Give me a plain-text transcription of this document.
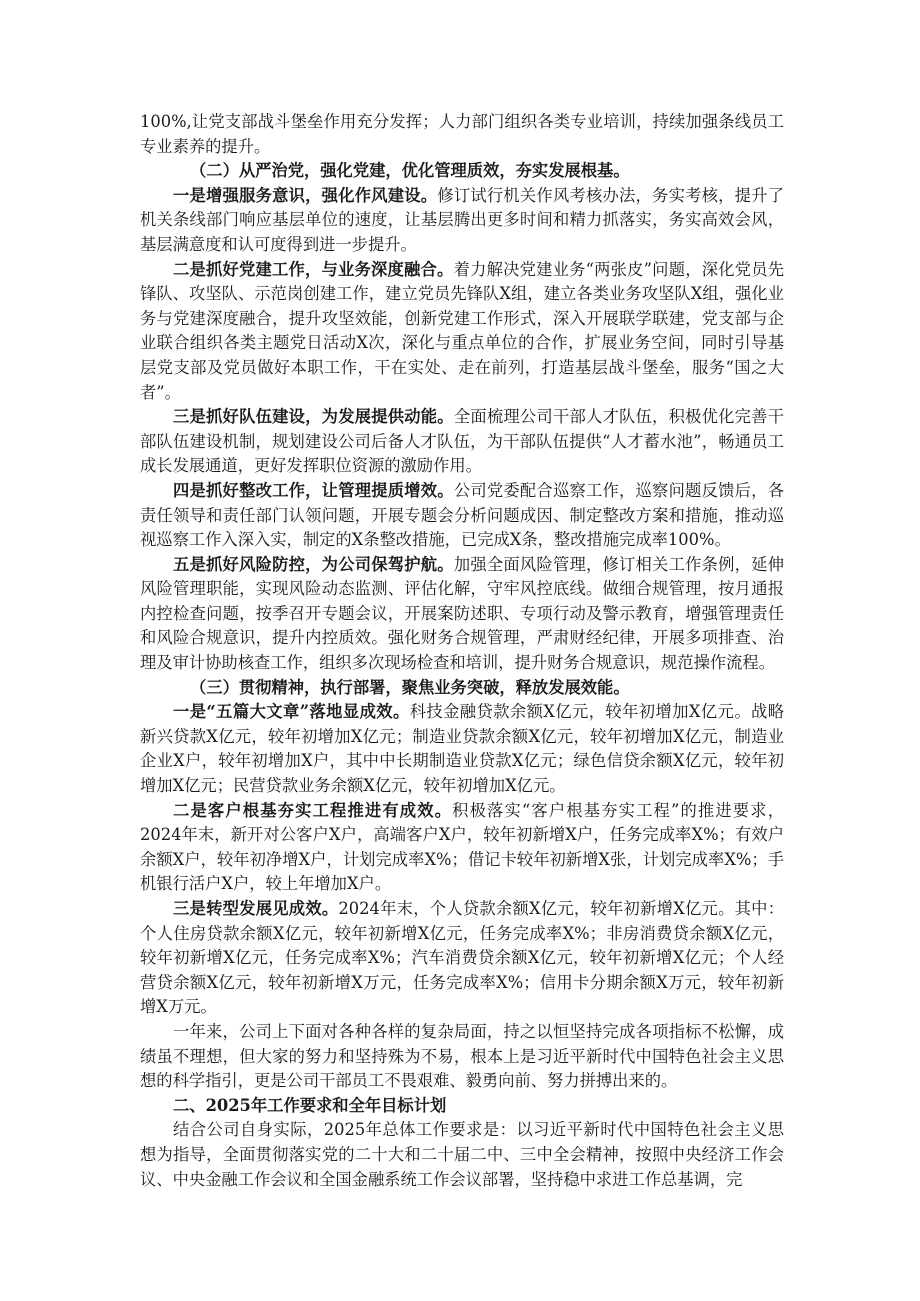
100%,让党支部战斗堡垒作用充分发挥；人力部门组织各类专业培训，持续加强条线员工专业素养的提升。

（二）从严治党，强化党建，优化管理质效，夯实发展根基。

一是增强服务意识，强化作风建设。修订试行机关作风考核办法，务实考核，提升了机关条线部门响应基层单位的速度，让基层腾出更多时间和精力抓落实，务实高效会风，基层满意度和认可度得到进一步提升。

二是抓好党建工作，与业务深度融合。着力解决党建业务“两张皮”问题，深化党员先锋队、攻坚队、示范岗创建工作，建立党员先锋队X组，建立各类业务攻坚队X组，强化业务与党建深度融合，提升攻坚效能，创新党建工作形式，深入开展联学联建，党支部与企业联合组织各类主题党日活动X次，深化与重点单位的合作，扩展业务空间，同时引导基层党支部及党员做好本职工作，干在实处、走在前列，打造基层战斗堡垒，服务“国之大者”。

三是抓好队伍建设，为发展提供动能。全面梳理公司干部人才队伍，积极优化完善干部队伍建设机制，规划建设公司后备人才队伍，为干部队伍提供“人才蓄水池”，畅通员工成长发展通道，更好发挥职位资源的激励作用。

四是抓好整改工作，让管理提质增效。公司党委配合巡察工作，巡察问题反馈后，各责任领导和责任部门认领问题，开展专题会分析问题成因、制定整改方案和措施，推动巡视巡察工作入深入实，制定的X条整改措施，已完成X条，整改措施完成率100%。

五是抓好风险防控，为公司保驾护航。加强全面风险管理，修订相关工作条例，延伸风险管理职能，实现风险动态监测、评估化解，守牢风控底线。做细合规管理，按月通报内控检查问题，按季召开专题会议，开展案防述职、专项行动及警示教育，增强管理责任和风险合规意识，提升内控质效。强化财务合规管理，严肃财经纪律，开展多项排查、治理及审计协助核查工作，组织多次现场检查和培训，提升财务合规意识，规范操作流程。

（三）贯彻精神，执行部署，聚焦业务突破，释放发展效能。

一是“五篇大文章”落地显成效。科技金融贷款余额X亿元，较年初增加X亿元。战略新兴贷款X亿元，较年初增加X亿元；制造业贷款余额X亿元，较年初增加X亿元，制造业企业X户，较年初增加X户，其中中长期制造业贷款X亿元；绿色信贷余额X亿元，较年初增加X亿元；民营贷款业务余额X亿元，较年初增加X亿元。

二是客户根基夯实工程推进有成效。积极落实“客户根基夯实工程”的推进要求，2024年末，新开对公客户X户，高端客户X户，较年初新增X户，任务完成率X%；有效户余额X户，较年初净增X户，计划完成率X%；借记卡较年初新增X张，计划完成率X%；手机银行活户X户，较上年增加X户。

三是转型发展见成效。2024年末，个人贷款余额X亿元，较年初新增X亿元。其中：个人住房贷款余额X亿元，较年初新增X亿元，任务完成率X%；非房消费贷余额X亿元，较年初新增X亿元，任务完成率X%；汽车消费贷余额X亿元，较年初新增X亿元；个人经营贷余额X亿元，较年初新增X万元，任务完成率X%；信用卡分期余额X万元，较年初新增X万元。

一年来，公司上下面对各种各样的复杂局面，持之以恒坚持完成各项指标不松懈，成绩虽不理想，但大家的努力和坚持殊为不易，根本上是习近平新时代中国特色社会主义思想的科学指引，更是公司干部员工不畏艰难、毅勇向前、努力拼搏出来的。

二、2025年工作要求和全年目标计划

结合公司自身实际，2025年总体工作要求是：以习近平新时代中国特色社会主义思想为指导，全面贯彻落实党的二十大和二十届二中、三中全会精神，按照中央经济工作会议、中央金融工作会议和全国金融系统工作会议部署，坚持稳中求进工作总基调，完
